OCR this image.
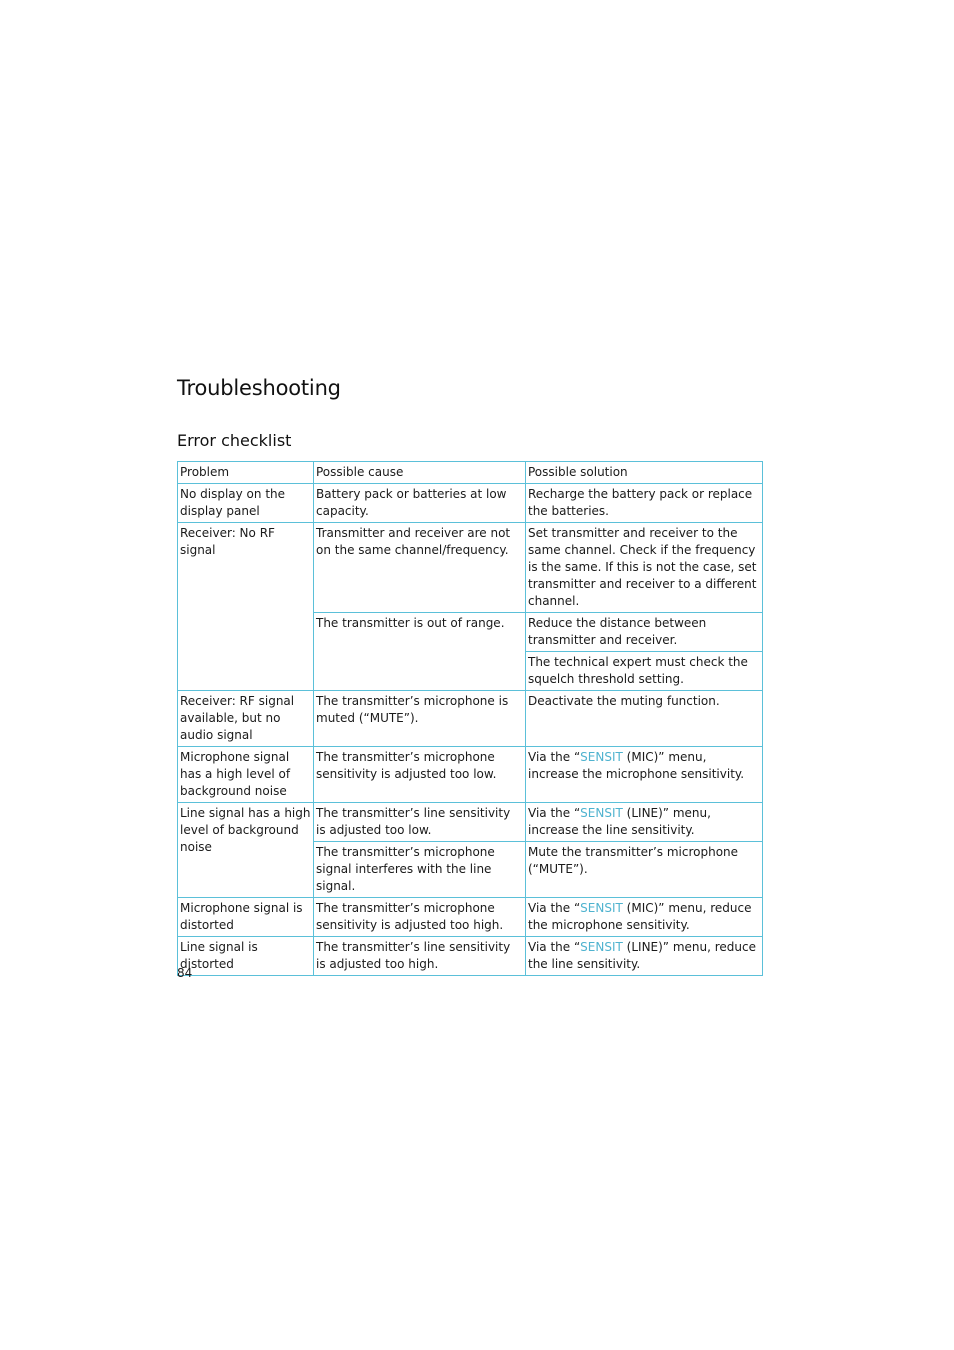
Troubleshooting
Error checklist
Problem	Possible cause	Possible solution
No display on the display panel	Battery pack or batteries at low capacity.	Recharge the battery pack or replace the batteries.
Receiver: No RF signal	Transmitter and receiver are not on the same channel/frequency.	Set transmitter and receiver to the same channel. Check if the frequency is the same. If this is not the case, set transmitter and receiver to a different channel.
	The transmitter is out of range.	Reduce the distance between transmitter and receiver.
		The technical expert must check the squelch threshold setting.
Receiver: RF signal available, but no audio signal	The transmitter’s microphone is muted (“MUTE”).	Deactivate the muting function.
Microphone signal has a high level of background noise	The transmitter’s microphone sensitivity is adjusted too low.	Via the “SENSIT (MIC)” menu, increase the microphone sensitivity.
Line signal has a high level of background noise	The transmitter’s line sensitivity is adjusted too low.	Via the “SENSIT (LINE)” menu, increase the line sensitivity.
	The transmitter’s microphone signal interferes with the line signal.	Mute the transmitter’s microphone (“MUTE”).
Microphone signal is distorted	The transmitter’s microphone sensitivity is adjusted too high.	Via the “SENSIT (MIC)” menu, reduce the microphone sensitivity.
Line signal is distorted	The transmitter’s line sensitivity is adjusted too high.	Via the “SENSIT (LINE)” menu, reduce the line sensitivity.
84
